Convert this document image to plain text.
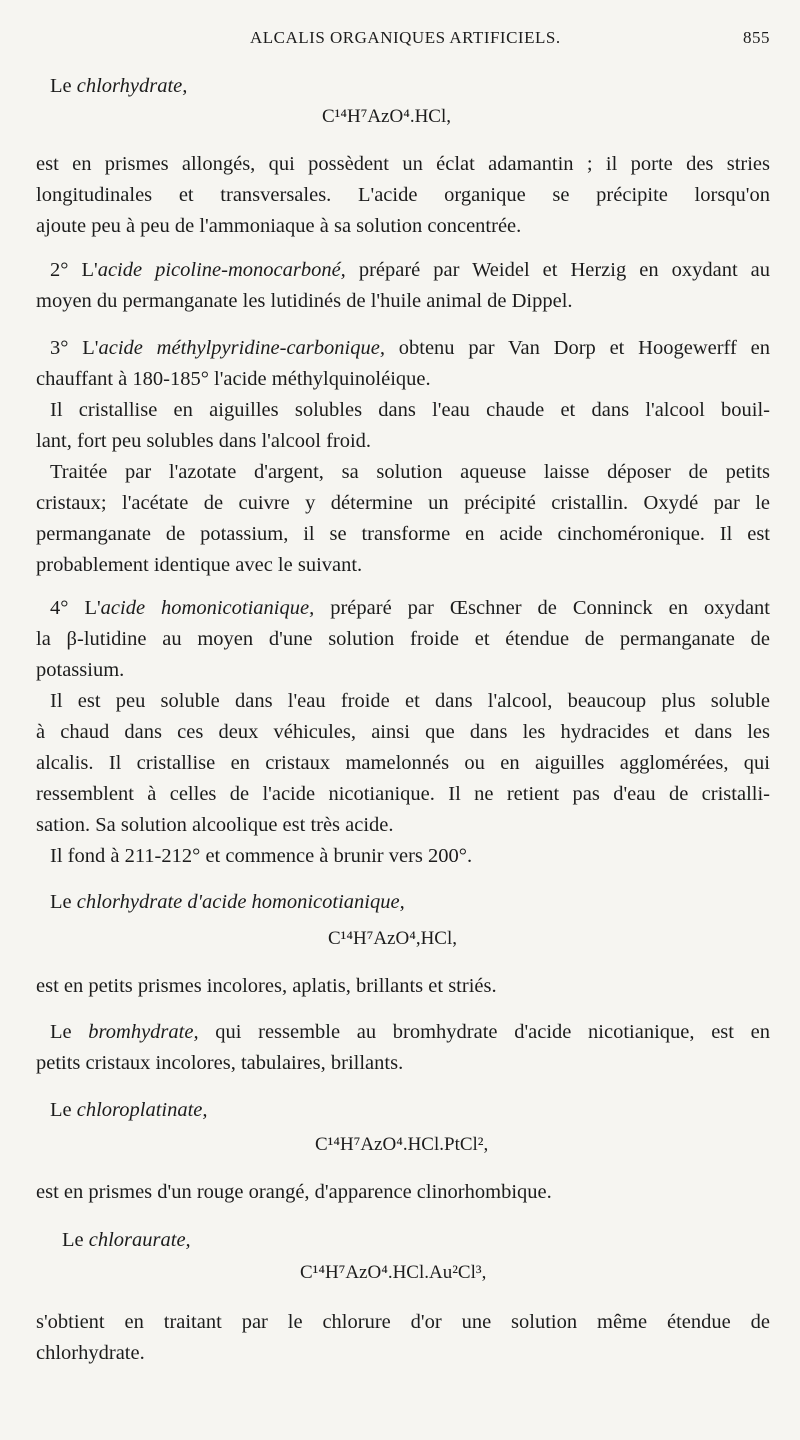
ALCALIS ORGANIQUES ARTIFICIELS.	855
Le chlorhydrate,
C¹⁴H⁷AzO⁴.HCl,
est en prismes allongés, qui possèdent un éclat adamantin ; il porte des stries
longitudinales et transversales. L'acide organique se précipite lorsqu'on
ajoute peu à peu de l'ammoniaque à sa solution concentrée.
2° L'acide picoline-monocarboné, préparé par Weidel et Herzig en oxydant au
moyen du permanganate les lutidinés de l'huile animal de Dippel.
3° L'acide méthylpyridine-carbonique, obtenu par Van Dorp et Hoogewerff en
chauffant à 180-185° l'acide méthylquinoléique.
Il cristallise en aiguilles solubles dans l'eau chaude et dans l'alcool bouil-
lant, fort peu solubles dans l'alcool froid.
Traitée par l'azotate d'argent, sa solution aqueuse laisse déposer de petits
cristaux; l'acétate de cuivre y détermine un précipité cristallin. Oxydé par le
permanganate de potassium, il se transforme en acide cinchoméronique. Il est
probablement identique avec le suivant.
4° L'acide homonicotianique, préparé par Œschner de Conninck en oxydant
la β-lutidine au moyen d'une solution froide et étendue de permanganate de
potassium.
Il est peu soluble dans l'eau froide et dans l'alcool, beaucoup plus soluble
à chaud dans ces deux véhicules, ainsi que dans les hydracides et dans les
alcalis. Il cristallise en cristaux mamelonnés ou en aiguilles agglomérées, qui
ressemblent à celles de l'acide nicotianique. Il ne retient pas d'eau de cristalli-
sation. Sa solution alcoolique est très acide.
Il fond à 211-212° et commence à brunir vers 200°.
Le chlorhydrate d'acide homonicotianique,
C¹⁴H⁷AzO⁴,HCl,
est en petits prismes incolores, aplatis, brillants et striés.
Le bromhydrate, qui ressemble au bromhydrate d'acide nicotianique, est en
petits cristaux incolores, tabulaires, brillants.
Le chloroplatinate,
C¹⁴H⁷AzO⁴.HCl.PtCl²,
est en prismes d'un rouge orangé, d'apparence clinorhombique.
Le chloraurate,
C¹⁴H⁷AzO⁴.HCl.Au²Cl³,
s'obtient en traitant par le chlorure d'or une solution même étendue de
chlorhydrate.
